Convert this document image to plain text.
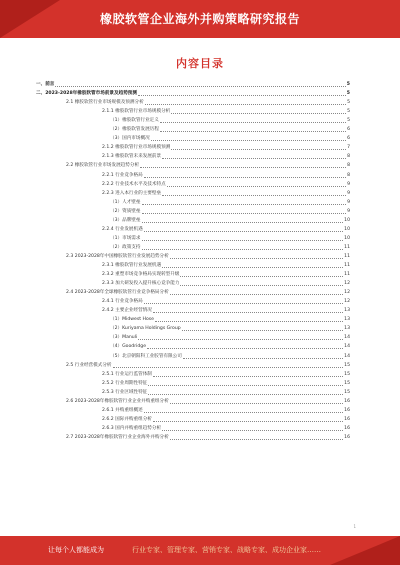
橡胶软管企业海外并购策略研究报告
内容目录
一、前言	5
二、2023-2028年橡胶软管市场前景及趋势预测	5
2.1 橡胶软管行业市场规模及预测分析	5
2.1.1 橡胶软管行业市场规模分析	5
（1）橡胶软管行业定义	5
（2）橡胶软管发展历程	6
（3）国内市场概况	6
2.1.2 橡胶软管行业市场规模预测	7
2.1.3 橡胶软管未来发展前景	8
2.2 橡胶软管行业市场发展趋势分析	8
2.2.1 行业竞争格局	8
2.2.2 行业技术水平及技术特点	9
2.2.3 进入本行业的主要壁垒	9
（1）人才壁垒	9
（2）资质壁垒	9
（3）品牌壁垒	10
2.2.4 行业发展机遇	10
（1）市场需求	10
（2）政策支持	11
2.3 2023-2028年中国橡胶软管行业发展趋势分析	11
2.3.1 橡胶软管行业发展机遇	11
2.3.2 重塑市场竞争格局实现转型升级	11
2.3.3 加大研发投入提升核心竞争能力	12
2.4 2023-2028年全球橡胶软管行业竞争格局分析	12
2.4.1 行业竞争格局	12
2.4.2 主要企业经营情况	13
（1）Midwest Hose	13
（2）Kuriyama Holdings Group	13
（3）Manuli	14
（4）Goodridge	14
（5）北京朝阳科工业胶管有限公司	14
2.5 行业经营模式分析	15
2.5.1 行业运行监管体制	15
2.5.2 行业周期性特征	15
2.5.3 行业区域性特征	15
2.6 2023-2028年橡胶软管行业企业并购重组分析	16
2.6.1 并购重组概述	16
2.6.2 国际并购重组分析	16
2.6.3 国内并购重组趋势分析	16
2.7 2023-2028年橡胶软管行业企业海外并购分析	16
1
让每个人都能成为	行业专家、管理专家、营销专家、战略专家、成功企业家……
